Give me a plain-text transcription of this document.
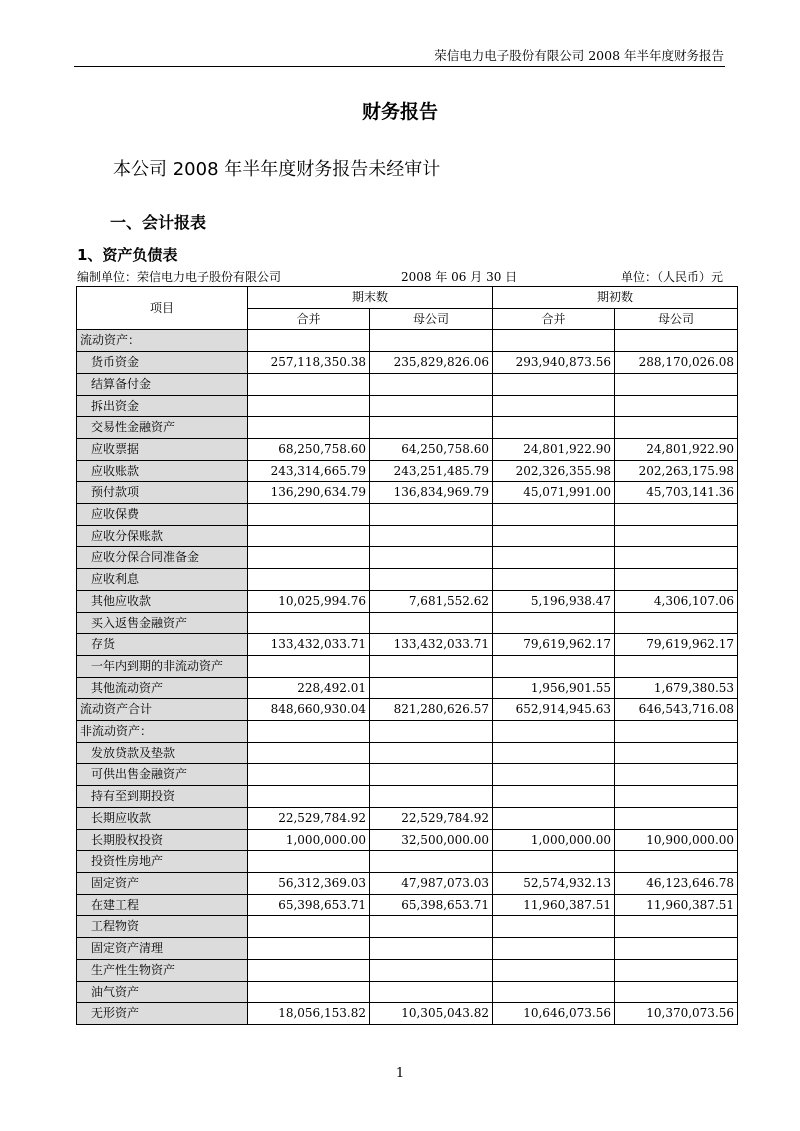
荣信电力电子股份有限公司 2008 年半年度财务报告
财务报告
本公司 2008 年半年度财务报告未经审计
一、会计报表
1、资产负债表
编制单位：荣信电力电子股份有限公司	2008 年 06 月 30 日	单位：（人民币）元
项目	期末数		期初数	
	合并	母公司	合并	母公司
流动资产：				
货币资金	257,118,350.38	235,829,826.06	293,940,873.56	288,170,026.08
结算备付金				
拆出资金				
交易性金融资产				
应收票据	68,250,758.60	64,250,758.60	24,801,922.90	24,801,922.90
应收账款	243,314,665.79	243,251,485.79	202,326,355.98	202,263,175.98
预付款项	136,290,634.79	136,834,969.79	45,071,991.00	45,703,141.36
应收保费				
应收分保账款				
应收分保合同准备金				
应收利息				
其他应收款	10,025,994.76	7,681,552.62	5,196,938.47	4,306,107.06
买入返售金融资产				
存货	133,432,033.71	133,432,033.71	79,619,962.17	79,619,962.17
一年内到期的非流动资产				
其他流动资产	228,492.01		1,956,901.55	1,679,380.53
流动资产合计	848,660,930.04	821,280,626.57	652,914,945.63	646,543,716.08
非流动资产：				
发放贷款及垫款				
可供出售金融资产				
持有至到期投资				
长期应收款	22,529,784.92	22,529,784.92		
长期股权投资	1,000,000.00	32,500,000.00	1,000,000.00	10,900,000.00
投资性房地产				
固定资产	56,312,369.03	47,987,073.03	52,574,932.13	46,123,646.78
在建工程	65,398,653.71	65,398,653.71	11,960,387.51	11,960,387.51
工程物资				
固定资产清理				
生产性生物资产				
油气资产				
无形资产	18,056,153.82	10,305,043.82	10,646,073.56	10,370,073.56
1
